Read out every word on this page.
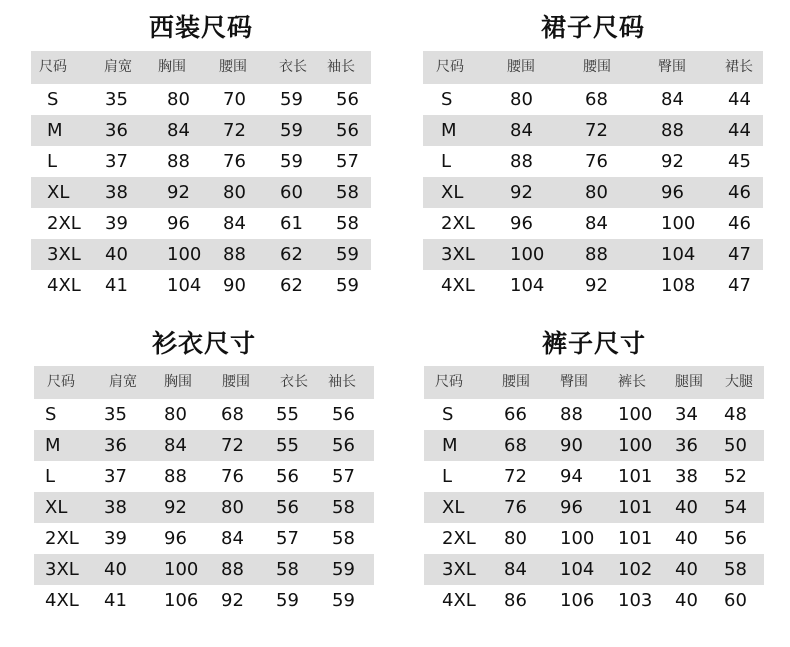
西装尺码
尺码	肩宽 胸围 腰围 衣长 袖长
S	35 80 70 59 56
M 36 84 72 59 56
L	37 88 76 59 57
XL 38 92 80 60 58
2XL 39 96 84 61 58
3XL 40 100 88 62 59
4XL 41 104 90 62 59
裙子尺码
尺码	腰围	腰围	臀围	裙长
S	80	68	84 44
M	84	72	88 44
L	88	76	92 45
XL	92	80	96 46
2XL 96	84	100 46
3XL 100 88	104 47
4XL 104 92	108 47
衫衣尺寸
尺码 肩宽 胸围 腰围 衣长 袖长
S	35 80 68 55 56
M 36 84 72 55 56
L	37 88 76 56 57
XL 38 92 80 56 58
2XL 39 96 84 57 58
3XL 40 100 88 58 59
4XL 41 106 92 59 59
裤子尺寸
尺码	腰围 臀围 裤长 腿围 大腿
S	66 88 100 34 48
M	68 90 100 36 50
L	72 94 101 38 52
XL 76 96 101 40 54
2XL 80 100 101 40 56
3XL 84 104 102 40 58
4XL 86 106 103 40 60
